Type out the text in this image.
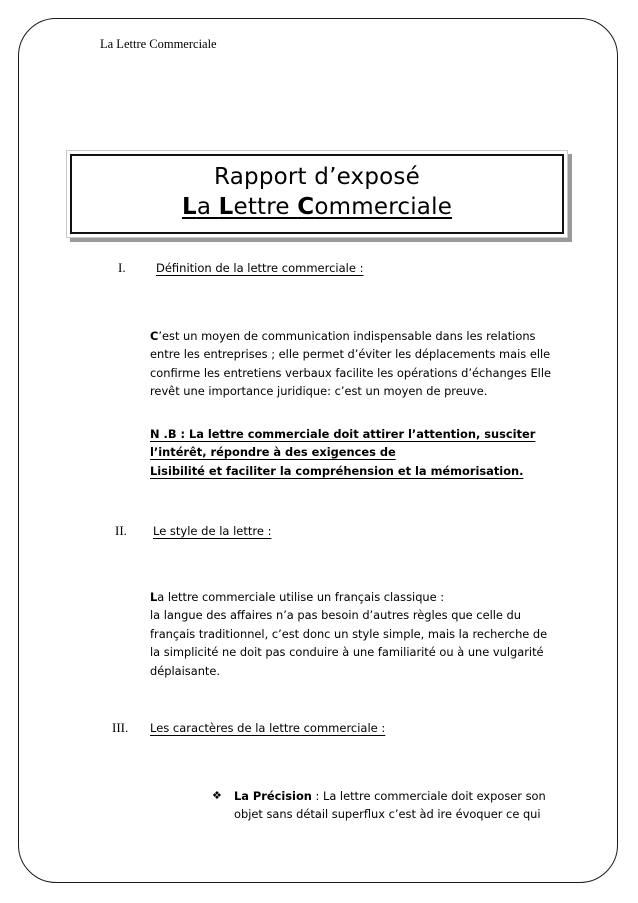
La Lettre Commerciale
Rapport d’exposé
La Lettre Commerciale
I.	Définition de la lettre commerciale :
C’est un moyen de communication indispensable dans les relations entre les entreprises ; elle permet d’éviter les déplacements mais elle confirme les entretiens verbaux facilite les opérations d’échanges Elle revêt une importance juridique: c’est un moyen de preuve.
N .B : La lettre commerciale doit attirer l’attention, susciter
l’intérêt, répondre à des exigences de
Lisibilité et faciliter la compréhension et la mémorisation.
II.	Le style de la lettre :
La lettre commerciale utilise un français classique :
la langue des affaires n’a pas besoin d’autres règles que celle du français traditionnel, c’est donc un style simple, mais la recherche de la simplicité ne doit pas conduire à une familiarité ou à une vulgarité déplaisante.
III.	Les caractères de la lettre commerciale :
❖	La Précision : La lettre commerciale doit exposer son objet sans détail superflux c’est àd ire évoquer ce qui
